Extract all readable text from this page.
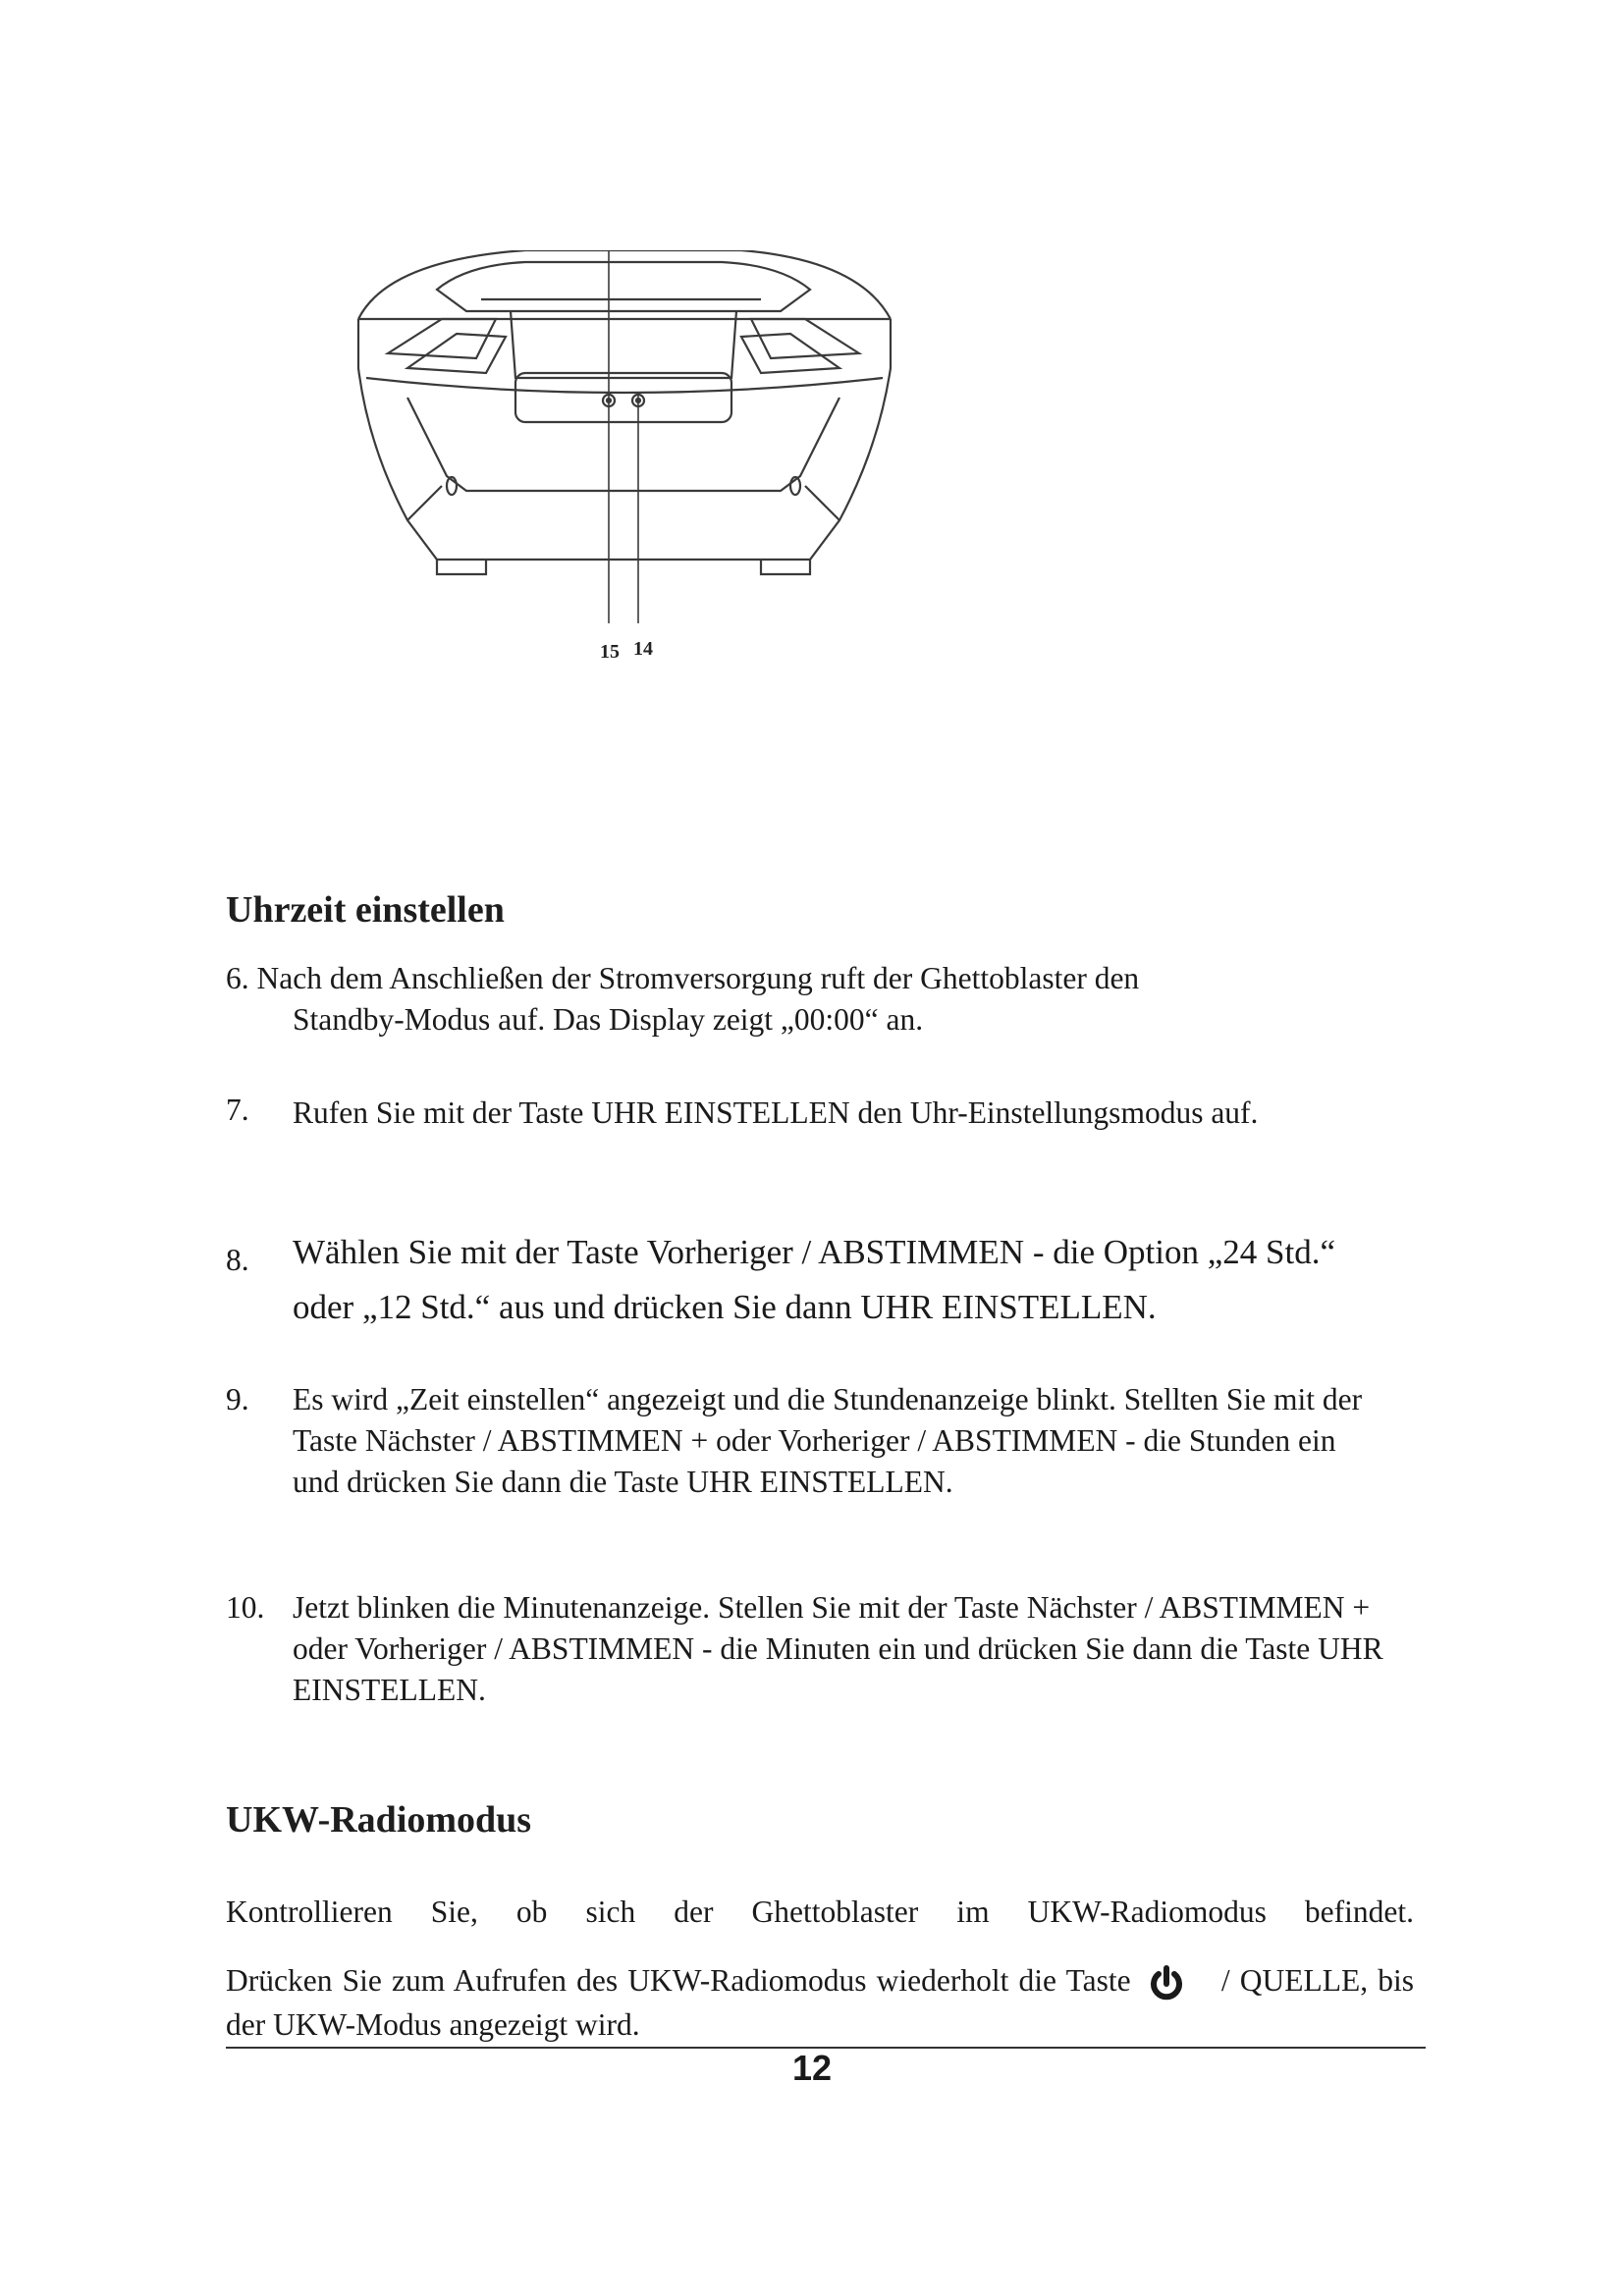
15 14
Uhrzeit einstellen
6. Nach dem Anschließen der Stromversorgung ruft der Ghettoblaster den
Standby-Modus auf. Das Display zeigt „00:00“ an.
7.	Rufen Sie mit der Taste UHR EINSTELLEN den Uhr-Einstellungsmodus auf.
8.	Wählen Sie mit der Taste Vorheriger / ABSTIMMEN - die Option „24 Std.“ oder „12 Std.“ aus und drücken Sie dann UHR EINSTELLEN.
9.	Es wird „Zeit einstellen“ angezeigt und die Stundenanzeige blinkt. Stellten Sie mit der Taste Nächster / ABSTIMMEN + oder Vorheriger / ABSTIMMEN - die Stunden ein und drücken Sie dann die Taste UHR EINSTELLEN.
10. Jetzt blinken die Minutenanzeige. Stellen Sie mit der Taste Nächster / ABSTIMMEN + oder Vorheriger / ABSTIMMEN - die Minuten ein und drücken Sie dann die Taste UHR EINSTELLEN.
UKW-Radiomodus
Kontrollieren Sie, ob sich der Ghettoblaster im UKW-Radiomodus befindet.
Drücken Sie zum Aufrufen des UKW-Radiomodus wiederholt die Taste	/ QUELLE, bis der UKW-Modus angezeigt wird.
12
